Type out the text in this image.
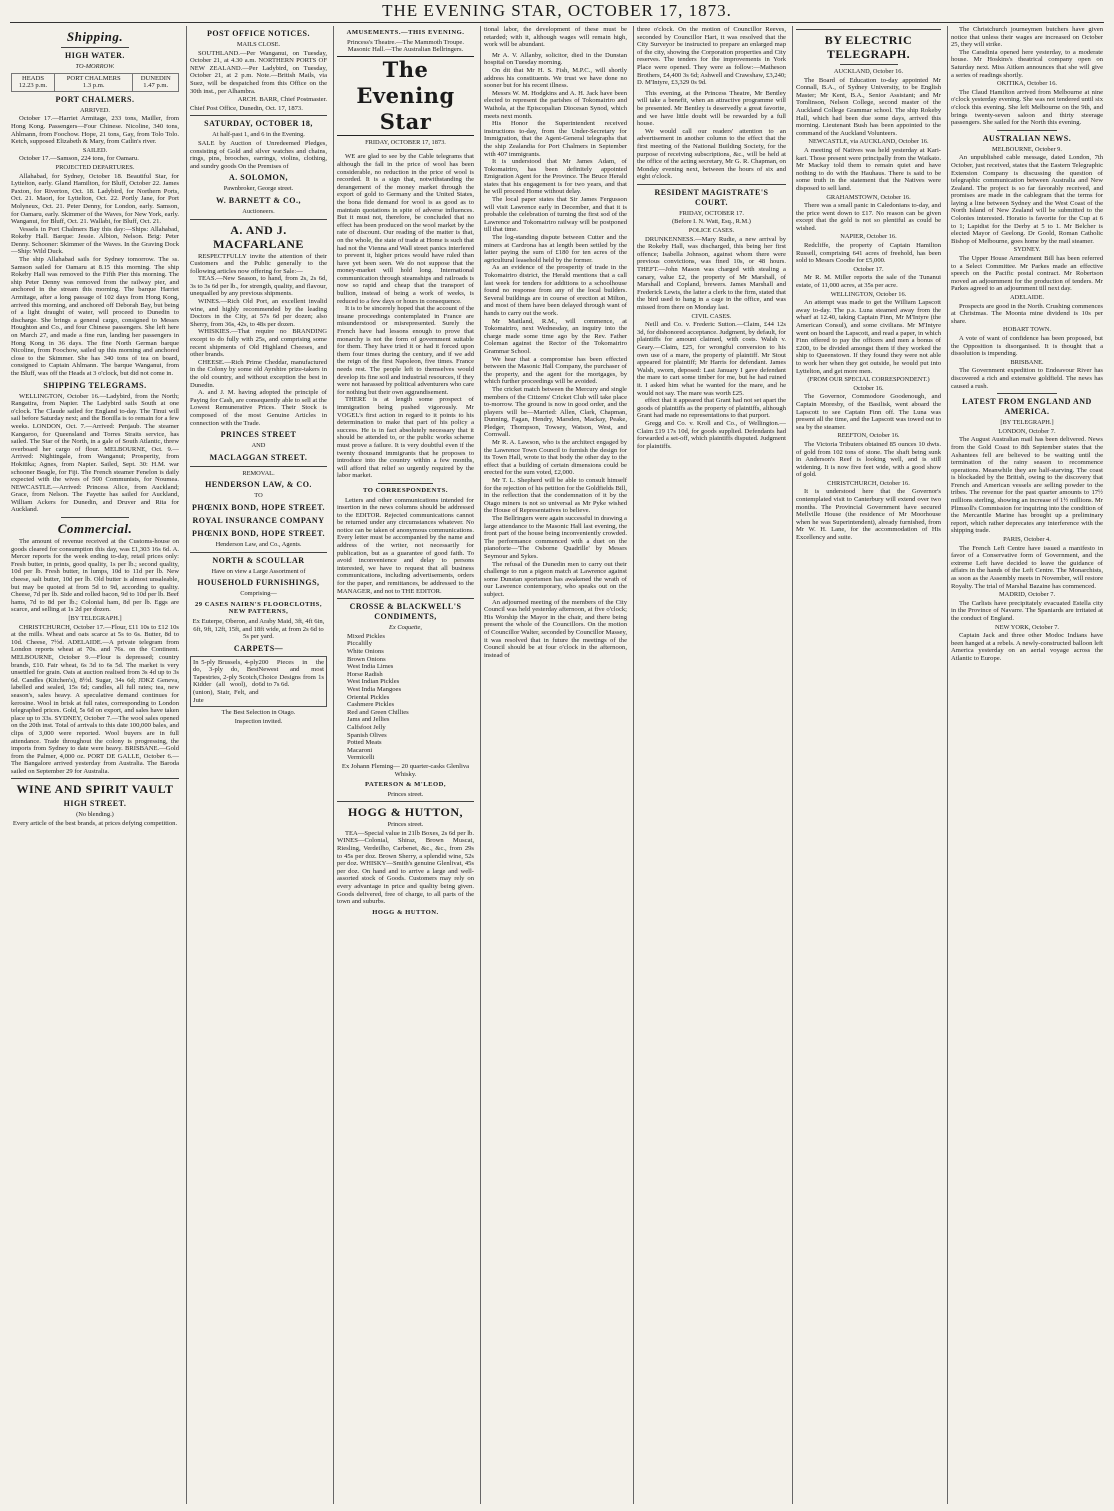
THE EVENING STAR, OCTOBER 17, 1873.
Shipping.
HIGH WATER.
TO-MORROW.
HEADS
12.23 p.m.	PORT CHALMERS
1.3 p.m.	DUNEDIN
1.47 p.m.
PORT CHALMERS.
ARRIVED.

October 17.—Harriet Armitage, 233 tons, Mailler, from Hong Kong. Passengers—Four Chinese. Nicoline, 340 tons, Ahlmann, from Foochow. Hope, 21 tons, Gay, from Tolo Tolo. Ketch, supposed Elizabeth & Mary, from Catlin's river.

SAILED.

October 17.—Samson, 224 tons, for Oamaru.

PROJECTED DEPARTURES.

Allahabad, for Sydney, October 18. Beautiful Star, for Lyttelton, early. Gland Hamilton, for Bluff, October 22. James Paxton, for Riverton, Oct. 18. Ladybird, for Northern Ports, Oct. 21. Maori, for Lyttelton, Oct. 22. Portly Jane, for Port Molyneux, Oct. 21. Peter Denny, for London, early. Samson, for Oamaru, early. Skimmer of the Waves, for New York, early. Wanganui, for Bluff, Oct. 21. Wallabi, for Bluff, Oct. 21.

Vessels in Port Chalmers Bay this day:—Ships: Allahabad, Rokeby Hall. Barque: Jessie. Albion, Nelson. Brig: Peter Denny. Schooner: Skimmer of the Waves. In the Graving Dock—Ship: Wild Duck.

The ship Allahabad sails for Sydney tomorrow. The ss. Samson sailed for Oamaru at 8.15 this morning. The ship Rokeby Hall was removed to the Fifth Pier this morning. The ship Peter Denny was removed from the railway pier, and anchored in the stream this morning. The barque Harriet Armitage, after a long passage of 102 days from Hong Kong, arrived this morning, and anchored off Deborah Bay, but being of a light draught of water, will proceed to Dunedin to discharge. She brings a general cargo, consigned to Messrs Houghton and Co., and four Chinese passengers. She left here on March 27, and made a fine run, landing her passengers in Hong Kong in 36 days. The fine North German barque Nicoline, from Foochow, sailed up this morning and anchored close to the Skimmer. She has 340 tons of tea on board, consigned to Captain Ahlmann. The barque Wanganui, from the Bluff, was off the Heads at 3 o'clock, but did not come in.

SHIPPING TELEGRAMS.

WELLINGTON, October 16.—Ladybird, from the North; Rangatira, from Napier. The Ladybird sails South at one o'clock. The Claude sailed for England to-day. The Tinui will sail before Saturday next; and the Bonilla is to remain for a few weeks. LONDON, Oct. 7.—Arrived: Penjaub. The steamer Kangaroo, for Queensland and Torres Straits service, has sailed. The Star of the North, in a gale of South Atlantic, threw overboard her cargo of flour. MELBOURNE, Oct. 9.—Arrived: Nightingale, from Wanganui; Prosperity, from Hokitika; Agnes, from Napier. Sailed, Sept. 30: H.M. war schooner Beagle, for Fiji. The French steamer Fenelon is daily expected with the wives of 500 Communists, for Noumea. NEWCASTLE.—Arrived: Princess Alice, from Auckland; Grace, from Nelson. The Fayette has sailed for Auckland, William Ackers for Dunedin, and Druver and Rita for Auckland.

Commercial.

The amount of revenue received at the Customs-house on goods cleared for consumption this day, was £1,303 16s 6d. A. Mercer reports for the week ending to-day, retail prices only: Fresh butter, in prints, good quality, 1s per lb.; second quality, 10d per lb. Fresh butter, in lumps, 10d to 11d per lb. New cheese, salt butter, 10d per lb. Old butter is almost unsaleable, but may be quoted at from 5d to 9d, according to quality. Cheese, 7d per lb. Side and rolled bacon, 9d to 10d per lb. Beef hams, 7d to 8d per lb.; Colonial ham, 8d per lb. Eggs are scarce, and selling at 1s 2d per dozen.

[BY TELEGRAPH.]

CHRISTCHURCH, October 17.—Flour, £11 10s to £12 10s at the mills. Wheat and oats scarce at 5s to 6s. Butter, 8d to 10d. Cheese, 7½d. ADELAIDE.—A private telegram from London reports wheat at 70s. and 76s. on the Continent. MELBOURNE, October 9.—Flour is depressed; country brands, £10. Fair wheat, 6s 3d to 6s 5d. The market is very unsettled for grain. Oats at auction realised from 3s 4d up to 3s 6d. Candles (Kitchen's), 8½d. Sugar, 34s 6d; JDKZ Geneva, labelled and sealed, 15s 6d; candles, all full rates; tea, new season's, sales heavy. A speculative demand continues for kerosine. Wool in brisk at full rates, corresponding to London telegraphed prices. Gold, 5s 6d on export, and sales have taken place up to 33s. SYDNEY, October 7.—The wool sales opened on the 20th inst. Total of arrivals to this date 100,000 bales, and clips of 3,000 were reported. Wool buyers are in full attendance. Trade throughout the colony is progressing, the imports from Sydney to date were heavy. BRISBANE.—Gold from the Palmer, 4,000 oz. PORT DE GALLE, October 6.—The Bangalore arrived yesterday from Australia. The Baroda sailed on September 29 for Australia.

WINE AND SPIRIT VAULT
HIGH STREET.
(No blending.)

Every article of the best brands, at prices defying competition.

POST OFFICE NOTICES.
MAILS CLOSE.

SOUTHLAND.—Per Wanganui, on Tuesday, October 21, at 4.30 a.m. NORTHERN PORTS OF NEW ZEALAND.—Per Ladybird, on Tuesday, October 21, at 2 p.m. Note.—British Mails, via Suez, will be despatched from this Office on the 30th inst., per Alhambra.

ARCH. BARR, Chief Postmaster.

Chief Post Office, Dunedin, Oct. 17, 1873.

SATURDAY, OCTOBER 18,
At half-past 1, and 6 in the Evening.

SALE by Auction of Unredeemed Pledges, consisting of Gold and silver watches and chains, rings, pins, brooches, earrings, violins, clothing, and sundry goods On the Premises of

A. SOLOMON,
Pawnbroker, George street.
W. BARNETT & CO.,
Auctioneers.
A. AND J. MACFARLANE

RESPECTFULLY invite the attention of their Customers and the Public generally to the following articles now offering for Sale:—

TEAS.—New Season, to hand, from 2s, 2s 6d, 3s to 3s 6d per lb., for strength, quality, and flavour, unequalled by any previous shipments.

WINES.—Rich Old Port, an excellent invalid wine, and highly recommended by the leading Doctors in the City, at 57s 6d per dozen; also Sherry, from 36s, 42s, to 48s per dozen.

WHISKIES.—That require no BRANDING except to do fully with 25s, and comprising some recent shipments of Old Highland Cheeses, and other brands.

CHEESE.—Rich Prime Cheddar, manufactured in the Colony by some old Ayrshire prize-takers in the old country, and without exception the best in Dunedin.

A. and J. M. having adopted the principle of Paying for Cash, are consequently able to sell at the Lowest Remunerative Prices. Their Stock is composed of the most Genuine Articles in connection with the Trade.

PRINCES STREET
AND
MACLAGGAN STREET.
REMOVAL.
HENDERSON LAW, & CO.
TO
PHŒNIX BOND, HOPE STREET.
ROYAL INSURANCE COMPANY
PHŒNIX BOND, HOPE STREET.
Henderson Law, and Co., Agents.
NORTH & SCOULLAR
Have on view a Large Assortment of
HOUSEHOLD FURNISHINGS,
Comprising—
29 CASES NAIRN'S FLOORCLOTHS, NEW PATTERNS,

Ex Euterpe, Oberon, and Araby Maid, 3ft, 4ft 6in, 6ft, 9ft, 12ft, 15ft, and 18ft wide, at from 2s 6d to 5s per yard.

CARPETS—
In 5-ply Brussels, 4-ply do, 3-ply do, Best Tapestries, 2-ply Scotch, Kidder (all wool), do (union), Stair, Felt, and Jute
200 Pieces in the Newest and most Choice Designs from 1s 6d to 7s 6d.
The Best Selection in Otago.
Inspection invited.
AMUSEMENTS.—THIS EVENING.

Princess's Theatre.—The Mammoth Troupe. Masonic Hall.—The Australian Bellringers.

The Evening Star
FRIDAY, OCTOBER 17, 1873.

WE are glad to see by the Cable telegrams that although the fall in the price of wool has been considerable, no reduction in the price of wool is recorded. It is a sign that, notwithstanding the derangement of the money market through the export of gold to Germany and the United States, the bona fide demand for wool is as good as to maintain quotations in spite of adverse influences. But it must not, therefore, be concluded that no effect has been produced on the wool market by the rate of discount. Our reading of the matter is that, on the whole, the state of trade at Home is such that had not the Vienna and Wall street panics interfered to prevent it, higher prices would have ruled than have yet been seen. We do not suppose that the money-market will hold long. International communication through steamships and railroads is now so rapid and cheap that the transport of bullion, instead of being a work of weeks, is reduced to a few days or hours in consequence.

It is to be sincerely hoped that the account of the insane proceedings contemplated in France are misunderstood or misrepresented. Surely the French have had lessons enough to prove that monarchy is not the form of government suitable for them. They have tried it or had it forced upon them four times during the century, and if we add the reign of the first Napoleon, five times. France needs rest. The people left to themselves would develop its fine soil and industrial resources, if they were not harassed by political adventurers who care for nothing but their own aggrandisement.

THERE is at length some prospect of immigration being pushed vigorously. Mr VOGEL's first action in regard to it points to his determination to make that part of his policy a success. He is in fact absolutely necessary that it should be attended to, or the public works scheme must prove a failure. It is very doubtful even if the twenty thousand immigrants that he proposes to introduce into the country within a few months, will afford that relief so urgently required by the labor market.

TO CORRESPONDENTS.

Letters and other communications intended for insertion in the news columns should be addressed to the EDITOR. Rejected communications cannot be returned under any circumstances whatever. No notice can be taken of anonymous communications. Every letter must be accompanied by the name and address of the writer, not necessarily for publication, but as a guarantee of good faith. To avoid inconvenience and delay to persons interested, we have to request that all business communications, including advertisements, orders for the paper, and remittances, be addressed to the MANAGER, and not to THE EDITOR.

CROSSE & BLACKWELL'S CONDIMENTS,
Ex Coquette,

Mixed Pickles

Piccalilly

White Onions

Brown Onions

West India Limes

Horse Radish

West Indian Pickles

West India Mangoes

Oriental Pickles

Cashmere Pickles

Red and Green Chillies

Jams and Jellies

Calfsfoot Jelly

Spanish Olives

Potted Meats

Macaroni

Vermicelli

Ex Johann Fleming— 20 quarter-casks Glenliva Whisky.

PATERSON & M'LEOD,
Princes street.
HOGG & HUTTON,
Princes street.

TEA—Special value in 21lb Boxes, 2s 6d per lb. WINES—Colonial, Shiraz, Brown Muscat, Riesling, Verdeilho, Carbenet, &c., &c., from 29s to 45s per doz. Brown Sherry, a splendid wine, 52s per doz. WHISKY—Smith's genuine Glenlivat, 45s per doz. On hand and to arrive a large and well-assorted stock of Goods. Customers may rely on every advantage in price and quality being given. Goods delivered, free of charge, to all parts of the town and suburbs.

HOGG & HUTTON.

tional labor, the development of these must be retarded; with it, although wages will remain high, work will be abundant.

Mr A. V. Allanby, solicitor, died in the Dunstan hospital on Tuesday morning.

On dit that Mr H. S. Fish, M.P.C., will shortly address his constituents. We trust we have done no sooner but for his recent illness.

Messrs W. M. Hodgkins and A. H. Jack have been elected to represent the parishes of Tokomairiro and Waihola, at the Episcopalian Diocesan Synod, which meets next month.

His Honor the Superintendent received instructions to-day, from the Under-Secretary for Immigration, that the Agent-General telegraphs that the ship Zealandia for Port Chalmers in September with 407 immigrants.

It is understood that Mr James Adam, of Tokomairiro, has been definitely appointed Emigration Agent for the Province. The Bruce Herald states that his engagement is for two years, and that he will proceed Home without delay.

The local paper states that Sir James Fergusson will visit Lawrence early in December, and that it is probable the celebration of turning the first sod of the Lawrence and Tokomairiro railway will be postponed till that time.

The log-standing dispute between Cutter and the miners at Cardrona has at length been settled by the latter paying the sum of £180 for ten acres of the agricultural leasehold held by the former.

As an evidence of the prosperity of trade in the Tokomairiro district, the Herald mentions that a call last week for tenders for additions to a schoolhouse found no response from any of the local builders. Several buildings are in course of erection at Milton, and most of them have been delayed through want of hands to carry out the work.

Mr Maitland, R.M., will commence, at Tokomairiro, next Wednesday, an inquiry into the charge made some time ago by the Rev. Father Coleman against the Rector of the Tokomairiro Grammar School.

We hear that a compromise has been effected between the Masonic Hall Company, the purchaser of the property, and the agent for the mortgages, by which further proceedings will be avoided.

The cricket match between the Mercury and single members of the Citizens' Cricket Club will take place to-morrow. The ground is now in good order, and the players will be—Married: Allen, Clark, Chapman, Dunning, Fagan, Hendry, Marsden, Mackay, Peake, Pledger, Thompson, Towsey, Watson, West, and Cornwall.

Mr R. A. Lawson, who is the architect engaged by the Lawrence Town Council to furnish the design for its Town Hall, wrote to that body the other day to the effect that a building of certain dimensions could be erected for the sum voted, £2,000.

Mr T. L. Shepherd will be able to consult himself for the rejection of his petition for the Goldfields Bill, in the reflection that the condemnation of it by the Otago miners is not so universal as Mr Pyke wished the House of Representatives to believe.

The Bellringers were again successful in drawing a large attendance to the Masonic Hall last evening, the front part of the house being inconveniently crowded. The performance commenced with a duet on the pianoforte—'The Osborne Quadrille' by Messrs Seymour and Sykes.

The refusal of the Dunedin men to carry out their challenge to run a pigeon match at Lawrence against some Dunstan sportsmen has awakened the wrath of our Lawrence contemporary, who speaks out on the subject.

An adjourned meeting of the members of the City Council was held yesterday afternoon, at five o'clock; His Worship the Mayor in the chair, and there being present the whole of the Councillors. On the motion of Councillor Walter, seconded by Councillor Massey, it was resolved that in future the meetings of the Council should be at four o'clock in the afternoon, instead of

three o'clock. On the motion of Councillor Reeves, seconded by Councillor Hart, it was resolved that the City Surveyor be instructed to prepare an enlarged map of the city, showing the Corporation properties and City reserves. The tenders for the improvements in York Place were opened. They were as follow:—Matheson Brothers, £4,400 3s 6d; Ashwell and Crawshaw, £3,240; D. M'Intyre, £3,329 0s 9d.

This evening, at the Princess Theatre, Mr Bentley will take a benefit, when an attractive programme will be presented. Mr Bentley is deservedly a great favorite, and we have little doubt will be rewarded by a full house.

We would call our readers' attention to an advertisement in another column to the effect that the first meeting of the National Building Society, for the purpose of receiving subscriptions, &c., will be held at the office of the acting secretary, Mr G. R. Chapman, on Monday evening next, between the hours of six and eight o'clock.

RESIDENT MAGISTRATE'S COURT.
FRIDAY, OCTOBER 17.
(Before I. N. Watt, Esq., R.M.)
POLICE CASES.

DRUNKENNESS.—Mary Rudie, a new arrival by the Rokeby Hall, was discharged, this being her first offence; Isabella Johnson, against whom there were previous convictions, was fined 10s, or 48 hours. THEFT.—John Mason was charged with stealing a canary, value £2, the property of Mr Marshall, of Marshall and Copland, brewers. James Marshall and Frederick Lewis, the latter a clerk to the firm, stated that the bird used to hang in a cage in the office, and was missed from there on Monday last.

CIVIL CASES.

Neill and Co. v. Frederic Sutton.—Claim, £44 12s 3d, for dishonored acceptance. Judgment, by default, for plaintiffs for amount claimed, with costs. Walsh v. Geary.—Claim, £25, for wrongful conversion to his own use of a mare, the property of plaintiff. Mr Stout appeared for plaintiff; Mr Harris for defendant. James Walsh, sworn, deposed: Last January I gave defendant the mare to cart some timber for me, but he had ruined it. I asked him what he wanted for the mare, and he would not say. The mare was worth £25.

effect that it appeared that Grant had not set apart the goods of plaintiffs as the property of plaintiffs, although Grant had made no representations to that purport.

Gregg and Co. v. Kroll and Co., of Wellington.—Claim £19 17s 10d, for goods supplied. Defendants had forwarded a set-off, which plaintiffs disputed. Judgment for plaintiffs.

BY ELECTRIC TELEGRAPH.
AUCKLAND, October 16.

The Board of Education to-day appointed Mr Connall, B.A., of Sydney University, to be English Master; Mr Kent, B.A., Senior Assistant; and Mr Tomlinson, Nelson College, second master of the Auckland College Grammar school. The ship Rokeby Hall, which had been due some days, arrived this morning. Lieutenant Bush has been appointed to the command of the Auckland Volunteers.

NEWCASTLE, via AUCKLAND, October 16.

A meeting of Natives was held yesterday at Kari-kari. Those present were principally from the Waikato. Mr Mackay told them to remain quiet and have nothing to do with the Hauhaus. There is said to be some truth in the statement that the Natives were disposed to sell land.

GRAHAMSTOWN, October 16.

There was a small panic in Caledonians to-day, and the price went down to £17. No reason can be given except that the gold is not so plentiful as could be wished.

NAPIER, October 16.

Redcliffe, the property of Captain Hamilton Russell, comprising 641 acres of freehold, has been sold to Messrs Coodie for £5,000.

October 17.

Mr R. M. Miller reports the sale of the Tunanui estate, of 11,000 acres, at 35s per acre.

WELLINGTON, October 16.

An attempt was made to get the William Lapscott away to-day. The p.s. Luna steamed away from the wharf at 12.40, taking Captain Finn, Mr M'Intyre (the American Consul), and some civilians. Mr M'Intyre went on board the Lapscott, and read a paper, in which Finn offered to pay the officers and men a bonus of £200, to be divided amongst them if they worked the ship to Queenstown. If they found they were not able to work her when they got outside, he would put into Lyttelton, and get more men.

(FROM OUR SPECIAL CORRESPONDENT.)
October 16.

The Governor, Commodore Goodenough, and Captain Moresby, of the Basilisk, went aboard the Lapscott to see Captain Finn off. The Luna was present all the time, and the Lapscott was towed out to sea by the steamer.

REEFTON, October 16.

The Victoria Tributers obtained 85 ounces 10 dwts. of gold from 102 tons of stone. The shaft being sunk in Anderson's Reef is looking well, and is still widening. It is now five feet wide, with a good show of gold.

CHRISTCHURCH, October 16.

It is understood here that the Governor's contemplated visit to Canterbury will extend over two months. The Provincial Government have secured Mellville House (the residence of Mr Moorhouse when he was Superintendent), already furnished, from Mr W. H. Lane, for the accommodation of His Excellency and suite.

The Christchurch journeymen butchers have given notice that unless their wages are increased on October 25, they will strike.

The Caradinia opened here yesterday, to a moderate house. Mr Hoskins's theatrical company open on Saturday next. Miss Aitken announces that she will give a series of readings shortly.

OKITIKA, October 16.

The Claud Hamilton arrived from Melbourne at nine o'clock yesterday evening. She was not tendered until six o'clock this evening. She left Melbourne on the 9th, and brings twenty-seven saloon and thirty steerage passengers. She sailed for the North this evening.

AUSTRALIAN NEWS.
MELBOURNE, October 9.

An unpublished cable message, dated London, 7th October, just received, states that the Eastern Telegraphic Extension Company is discussing the question of telegraphic communication between Australia and New Zealand. The project is so far favorably received, and promises are made in the cablegram that the terms for laying a line between Sydney and the West Coast of the North Island of New Zealand will be submitted to the Colonies interested. Horatio is favorite for the Cup at 6 to 1; Lapidist for the Derby at 5 to 1. Mr Belcher is elected Mayor of Geelong. Dr Goold, Roman Catholic Bishop of Melbourne, goes home by the mail steamer.

SYDNEY.

The Upper House Amendment Bill has been referred to a Select Committee. Mr Parkes made an effective speech on the Pacific postal contract. Mr Robertson moved an adjournment for the production of tenders. Mr Parkes agreed to an adjournment till next day.

ADELAIDE.

Prospects are good in the North. Crushing commences at Christmas. The Moonta mine dividend is 10s per share.

HOBART TOWN.

A vote of want of confidence has been proposed, but the Opposition is disorganised. It is thought that a dissolution is impending.

BRISBANE.

The Government expedition to Endeavour River has discovered a rich and extensive goldfield. The news has caused a rush.

LATEST FROM ENGLAND AND AMERICA.
[BY TELEGRAPH.]
LONDON, October 7.

The August Australian mail has been delivered. News from the Gold Coast to 8th September states that the Ashantees fell are believed to be waiting until the termination of the rainy season to recommence operations. Meanwhile they are half-starving. The coast is blockaded by the British, owing to the discovery that French and American vessels are selling powder to the tribes. The revenue for the past quarter amounts to 17½ millions sterling, showing an increase of 1½ millions. Mr Plimsoll's Commission for inquiring into the condition of the Mercantile Marine has brought up a preliminary report, which rather deprecates any interference with the shipping trade.

PARIS, October 4.

The French Left Centre have issued a manifesto in favor of a Conservative form of Government, and the extreme Left have decided to leave the guidance of affairs in the hands of the Left Centre. The Monarchists, as soon as the Assembly meets in November, will restore Royalty. The trial of Marshal Bazaine has commenced.

MADRID, October 7.

The Carlists have precipitately evacuated Estella city in the Province of Navarre. The Spaniards are irritated at the conduct of England.

NEW YORK, October 7.

Captain Jack and three other Modoc Indians have been hanged at a rebels. A newly-constructed balloon left America yesterday on an aerial voyage across the Atlantic to Europe.
